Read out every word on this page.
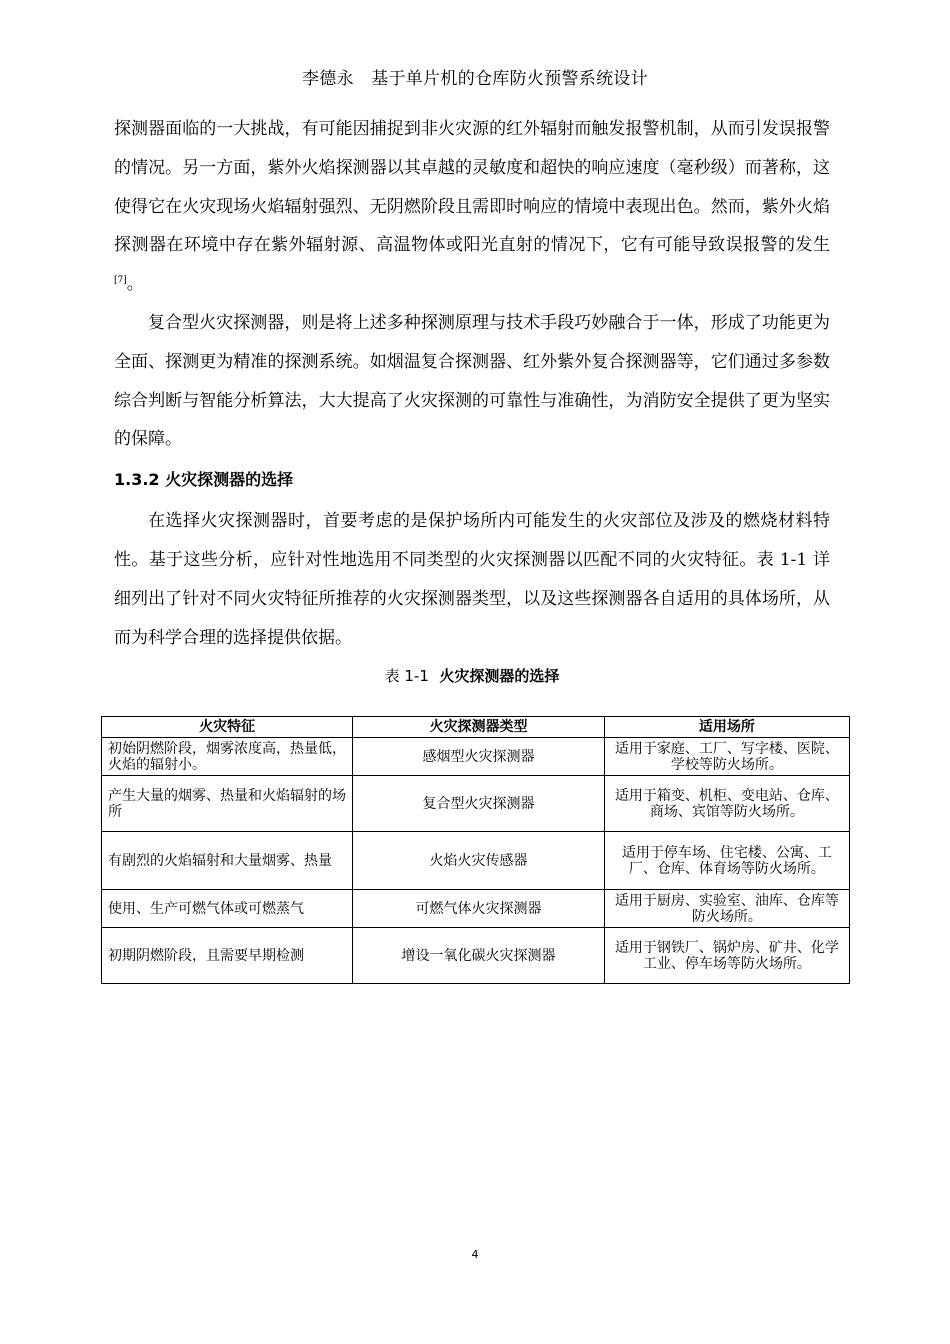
李德永　基于单片机的仓库防火预警系统设计

探测器面临的一大挑战，有可能因捕捉到非火灾源的红外辐射而触发报警机制，从而引发误报警的情况。另一方面，紫外火焰探测器以其卓越的灵敏度和超快的响应速度（毫秒级）而著称，这使得它在火灾现场火焰辐射强烈、无阴燃阶段且需即时响应的情境中表现出色。然而，紫外火焰探测器在环境中存在紫外辐射源、高温物体或阳光直射的情况下，它有可能导致误报警的发生[7]。

复合型火灾探测器，则是将上述多种探测原理与技术手段巧妙融合于一体，形成了功能更为全面、探测更为精准的探测系统。如烟温复合探测器、红外紫外复合探测器等，它们通过多参数综合判断与智能分析算法，大大提高了火灾探测的可靠性与准确性，为消防安全提供了更为坚实的保障。

1.3.2 火灾探测器的选择

在选择火灾探测器时，首要考虑的是保护场所内可能发生的火灾部位及涉及的燃烧材料特性。基于这些分析，应针对性地选用不同类型的火灾探测器以匹配不同的火灾特征。表 1-1 详细列出了针对不同火灾特征所推荐的火灾探测器类型，以及这些探测器各自适用的具体场所，从而为科学合理的选择提供依据。

表 1-1 火灾探测器的选择
火灾特征	火灾探测器类型	适用场所
初始阴燃阶段，烟雾浓度高，热量低，火焰的辐射小。	感烟型火灾探测器	适用于家庭、工厂、写字楼、医院、学校等防火场所。
产生大量的烟雾、热量和火焰辐射的场所	复合型火灾探测器	适用于箱变、机柜、变电站、仓库、商场、宾馆等防火场所。
有剧烈的火焰辐射和大量烟雾、热量	火焰火灾传感器	适用于停车场、住宅楼、公寓、工厂、仓库、体育场等防火场所。
使用、生产可燃气体或可燃蒸气	可燃气体火灾探测器	适用于厨房、实验室、油库、仓库等防火场所。
初期阴燃阶段，且需要早期检测	增设一氧化碳火灾探测器	适用于钢铁厂、锅炉房、矿井、化学工业、停车场等防火场所。
4
